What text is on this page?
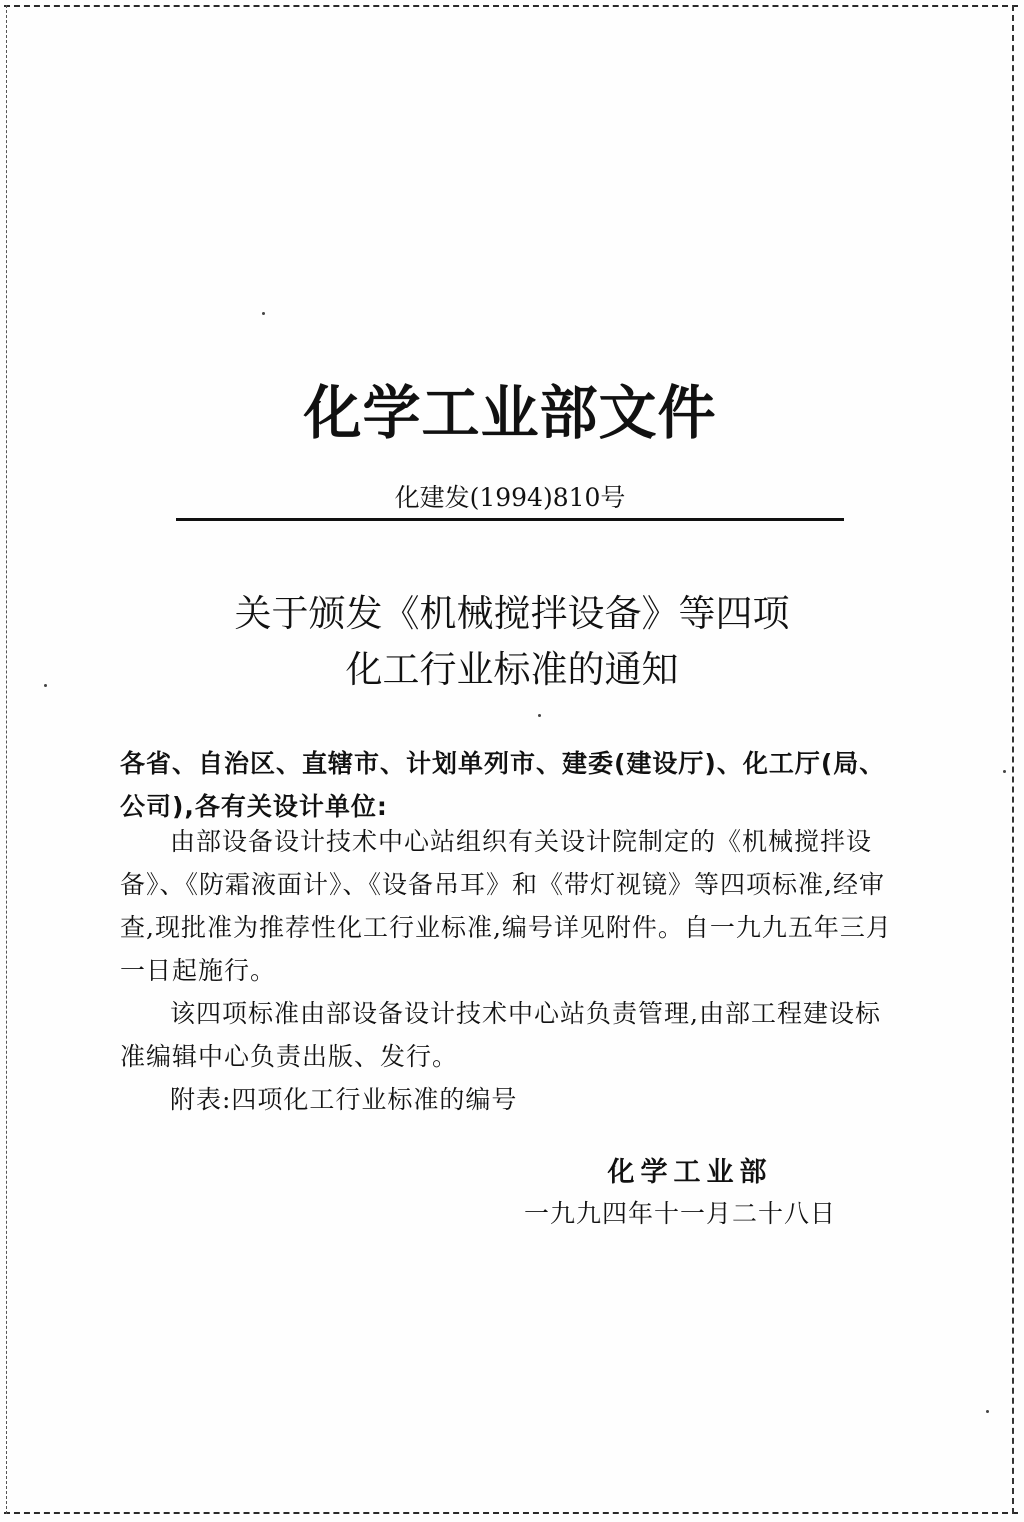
化学工业部文件
化建发(1994)810号
关于颁发《机械搅拌设备》等四项
化工行业标准的通知
各省、自治区、直辖市、计划单列市、建委(建设厅)、化工厅(局、公司),各有关设计单位:

由部设备设计技术中心站组织有关设计院制定的《机械搅拌设备》、《防霜液面计》、《设备吊耳》和《带灯视镜》等四项标准,经审查,现批准为推荐性化工行业标准,编号详见附件。自一九九五年三月一日起施行。

该四项标准由部设备设计技术中心站负责管理,由部工程建设标准编辑中心负责出版、发行。

附表:四项化工行业标准的编号

化学工业部
一九九四年十一月二十八日
